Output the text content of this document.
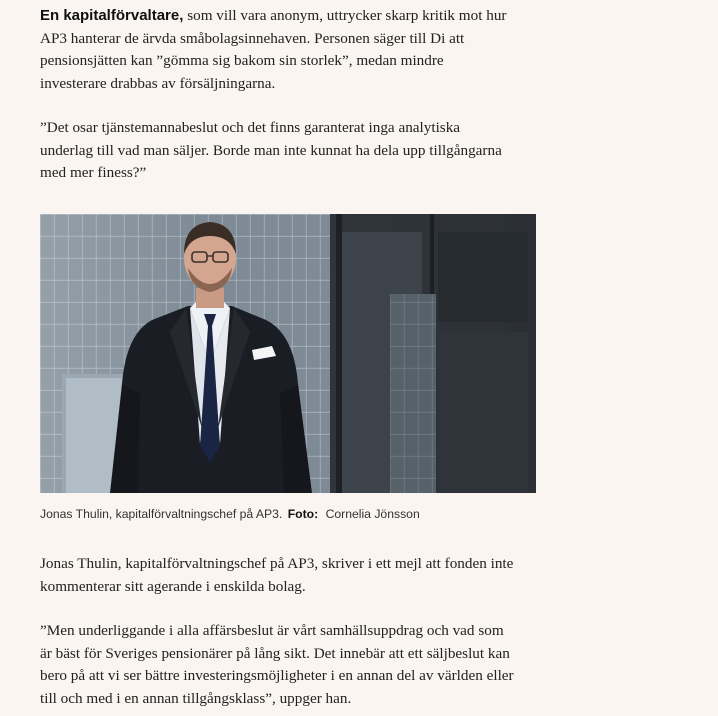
En kapitalförvaltare, som vill vara anonym, uttrycker skarp kritik mot hur
AP3 hanterar de ärvda småbolagsinnehaven. Personen säger till Di att
pensionsjätten kan ”gömma sig bakom sin storlek”, medan mindre
investerare drabbas av försäljningarna.

”Det osar tjänstemannabeslut och det finns garanterat inga analytiska
underlag till vad man säljer. Borde man inte kunnat ha dela upp tillgångarna
med mer finess?”

Jonas Thulin, kapitalförvaltningschef på AP3. Foto: Cornelia Jönsson

Jonas Thulin, kapitalförvaltningschef på AP3, skriver i ett mejl att fonden inte
kommenterar sitt agerande i enskilda bolag.

”Men underliggande i alla affärsbeslut är vårt samhällsuppdrag och vad som
är bäst för Sveriges pensionärer på lång sikt. Det innebär att ett säljbeslut kan
bero på att vi ser bättre investeringsmöjligheter i en annan del av världen eller
till och med i en annan tillgångsklass”, uppger han.
